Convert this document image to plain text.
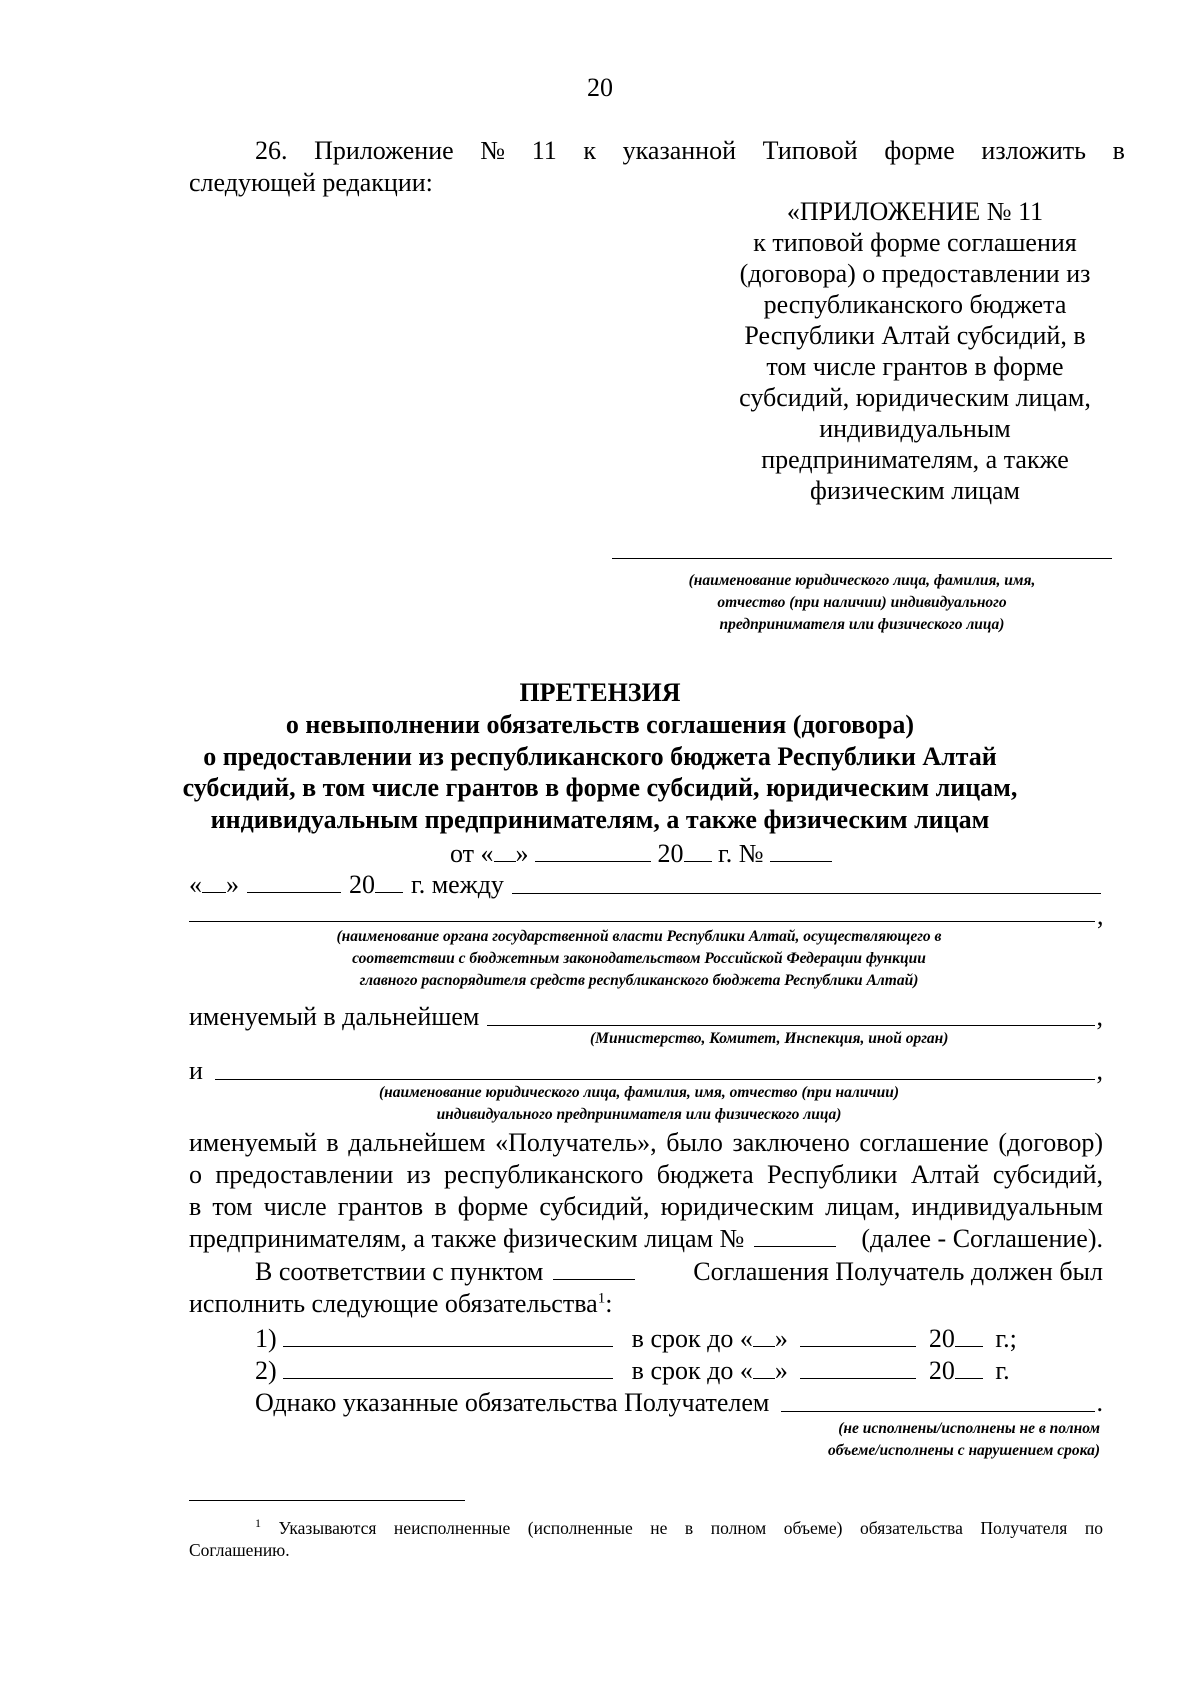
20
26. Приложение № 11 к указанной Типовой форме изложить в
следующей редакции:
«ПРИЛОЖЕНИЕ № 11
к типовой форме соглашения
(договора) о предоставлении из
республиканского бюджета
Республики Алтай субсидий, в
том числе грантов в форме
субсидий, юридическим лицам,
индивидуальным
предпринимателям, а также
физическим лицам
(наименование юридического лица, фамилия, имя,
отчество (при наличии) индивидуального
предпринимателя или физического лица)
ПРЕТЕНЗИЯ
о невыполнении обязательств соглашения (договора)
о предоставлении из республиканского бюджета Республики Алтай
субсидий, в том числе грантов в форме субсидий, юридическим лицам,
индивидуальным предпринимателям, а также физическим лицам
от « »	20 г. №
« »	20 г. между
,
(наименование органа государственной власти Республики Алтай, осуществляющего в
соответствии с бюджетным законодательством Российской Федерации функции
главного распорядителя средств республиканского бюджета Республики Алтай)
именуемый в дальнейшем	,
(Министерство, Комитет, Инспекция, иной орган)
и	,
(наименование юридического лица, фамилия, имя, отчество (при наличии)
индивидуального предпринимателя или физического лица)
именуемый в дальнейшем «Получатель», было заключено соглашение (договор)
о предоставлении из республиканского бюджета Республики Алтай субсидий,
в том числе грантов в форме субсидий, юридическим лицам, индивидуальным
предпринимателям, а также физическим лицам №	(далее - Соглашение).
В соответствии с пунктом	Соглашения Получатель должен был
исполнить следующие обязательства$^1$:
1)	в срок до « »	20 г.;
2)	в срок до « »	20 г.
Однако указанные обязательства Получателем	.
(не исполнены/исполнены не в полном
объеме/исполнены с нарушением срока)
$^1$ Указываются неисполненные (исполненные не в полном объеме) обязательства Получателя по
Соглашению.
